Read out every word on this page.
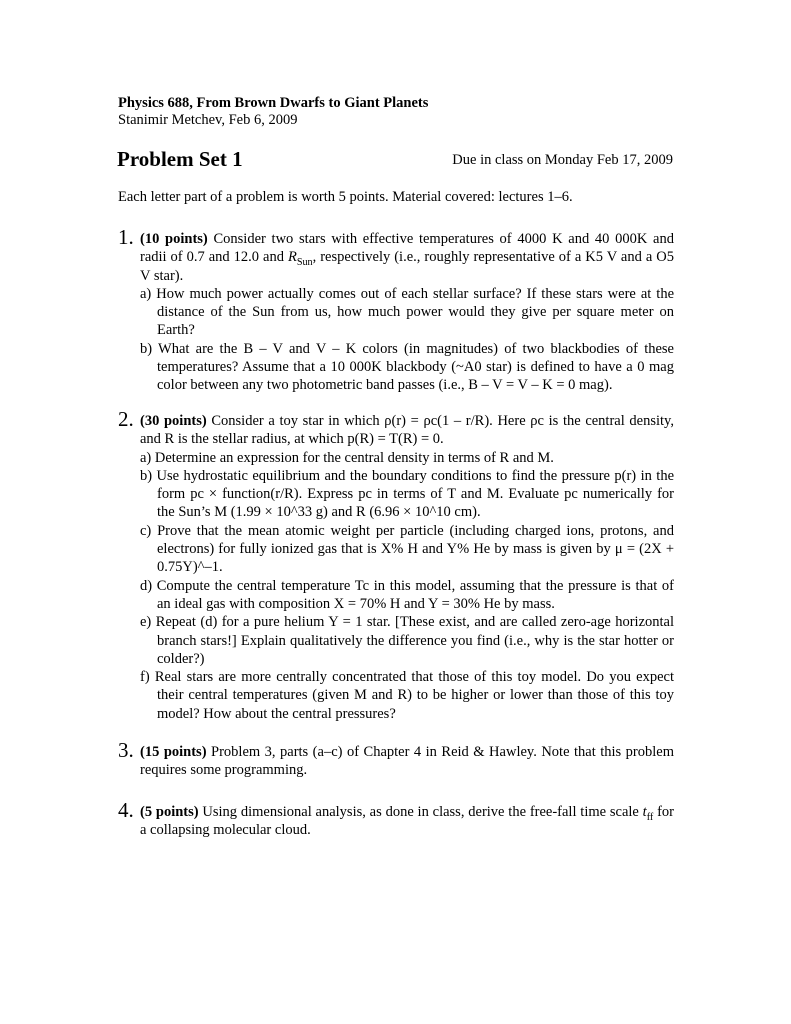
Physics 688, From Brown Dwarfs to Giant Planets
Stanimir Metchev, Feb 6, 2009
Problem Set 1	Due in class on Monday Feb 17, 2009
Each letter part of a problem is worth 5 points. Material covered: lectures 1–6.
1. (10 points) Consider two stars with effective temperatures of 4000 K and 40 000K and radii of 0.7 and 12.0 and $R_{Sun}$, respectively (i.e., roughly representative of a K5 V and a O5 V star).
a) How much power actually comes out of each stellar surface? If these stars were at the distance of the Sun from us, how much power would they give per square meter on Earth?
b) What are the B – V and V – K colors (in magnitudes) of two blackbodies of these temperatures? Assume that a 10 000K blackbody (~A0 star) is defined to have a 0 mag color between any two photometric band passes (i.e., B – V = V – K = 0 mag).
2. (30 points) Consider a toy star in which ρ(r) = ρc(1 – r/R). Here ρc is the central density, and R is the stellar radius, at which p(R) = T(R) = 0.
a) Determine an expression for the central density in terms of R and M.
b) Use hydrostatic equilibrium and the boundary conditions to find the pressure p(r) in the form pc × function(r/R). Express pc in terms of T and M. Evaluate pc numerically for the Sun’s M (1.99 × 10^33 g) and R (6.96 × 10^10 cm).
c) Prove that the mean atomic weight per particle (including charged ions, protons, and electrons) for fully ionized gas that is X% H and Y% He by mass is given by μ = (2X + 0.75Y)^–1.
d) Compute the central temperature Tc in this model, assuming that the pressure is that of an ideal gas with composition X = 70% H and Y = 30% He by mass.
e) Repeat (d) for a pure helium Y = 1 star. [These exist, and are called zero-age horizontal branch stars!] Explain qualitatively the difference you find (i.e., why is the star hotter or colder?)
f) Real stars are more centrally concentrated that those of this toy model. Do you expect their central temperatures (given M and R) to be higher or lower than those of this toy model? How about the central pressures?
3. (15 points) Problem 3, parts (a–c) of Chapter 4 in Reid & Hawley. Note that this problem requires some programming.
4. (5 points) Using dimensional analysis, as done in class, derive the free-fall time scale $t_{ff}$ for a collapsing molecular cloud.
